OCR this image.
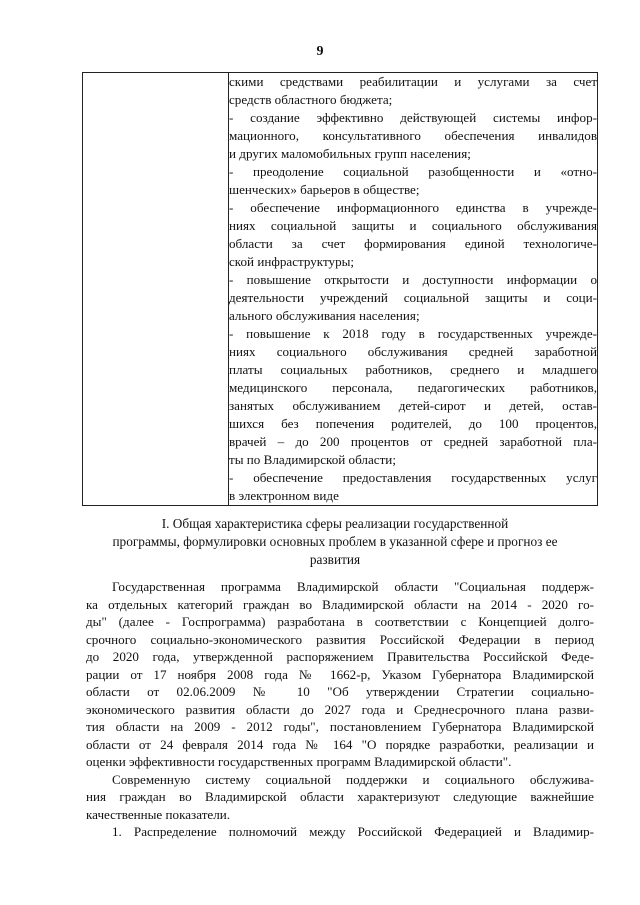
9

скими средствами реабилитации и услугами за счет
средств областного бюджета;
- создание эффективно действующей системы инфор-
мационного, консультативного обеспечения инвалидов
и других маломобильных групп населения;
- преодоление социальной разобщенности и «отно-
шенческих» барьеров в обществе;
- обеспечение информационного единства в учрежде-
ниях социальной защиты и социального обслуживания
области за счет формирования единой технологиче-
ской инфраструктуры;
- повышение открытости и доступности информации о
деятельности учреждений социальной защиты и соци-
ального обслуживания населения;
- повышение к 2018 году в государственных учрежде-
ниях социального обслуживания средней заработной
платы социальных работников, среднего и младшего
медицинского персонала, педагогических работников,
занятых обслуживанием детей-сирот и детей, остав-
шихся без попечения родителей, до 100 процентов,
врачей – до 200 процентов от средней заработной пла-
ты по Владимирской области;
- обеспечение предоставления государственных услуг
в электронном виде
I. Общая характеристика сферы реализации государственной
программы, формулировки основных проблем в указанной сфере и прогноз ее
развития
Государственная программа Владимирской области "Социальная поддерж-
ка отдельных категорий граждан во Владимирской области на 2014 - 2020 го-
ды" (далее - Госпрограмма) разработана в соответствии с Концепцией долго-
срочного социально-экономического развития Российской Федерации в период
до 2020 года, утвержденной распоряжением Правительства Российской Феде-
рации от 17 ноября 2008 года № 1662-р, Указом Губернатора Владимирской
области от 02.06.2009 № 10 "Об утверждении Стратегии социально-
экономического развития области до 2027 года и Среднесрочного плана разви-
тия области на 2009 - 2012 годы", постановлением Губернатора Владимирской
области от 24 февраля 2014 года № 164 "О порядке разработки, реализации и
оценки эффективности государственных программ Владимирской области".
Современную систему социальной поддержки и социального обслужива-
ния граждан во Владимирской области характеризуют следующие важнейшие
качественные показатели.
1. Распределение полномочий между Российской Федерацией и Владимир-
